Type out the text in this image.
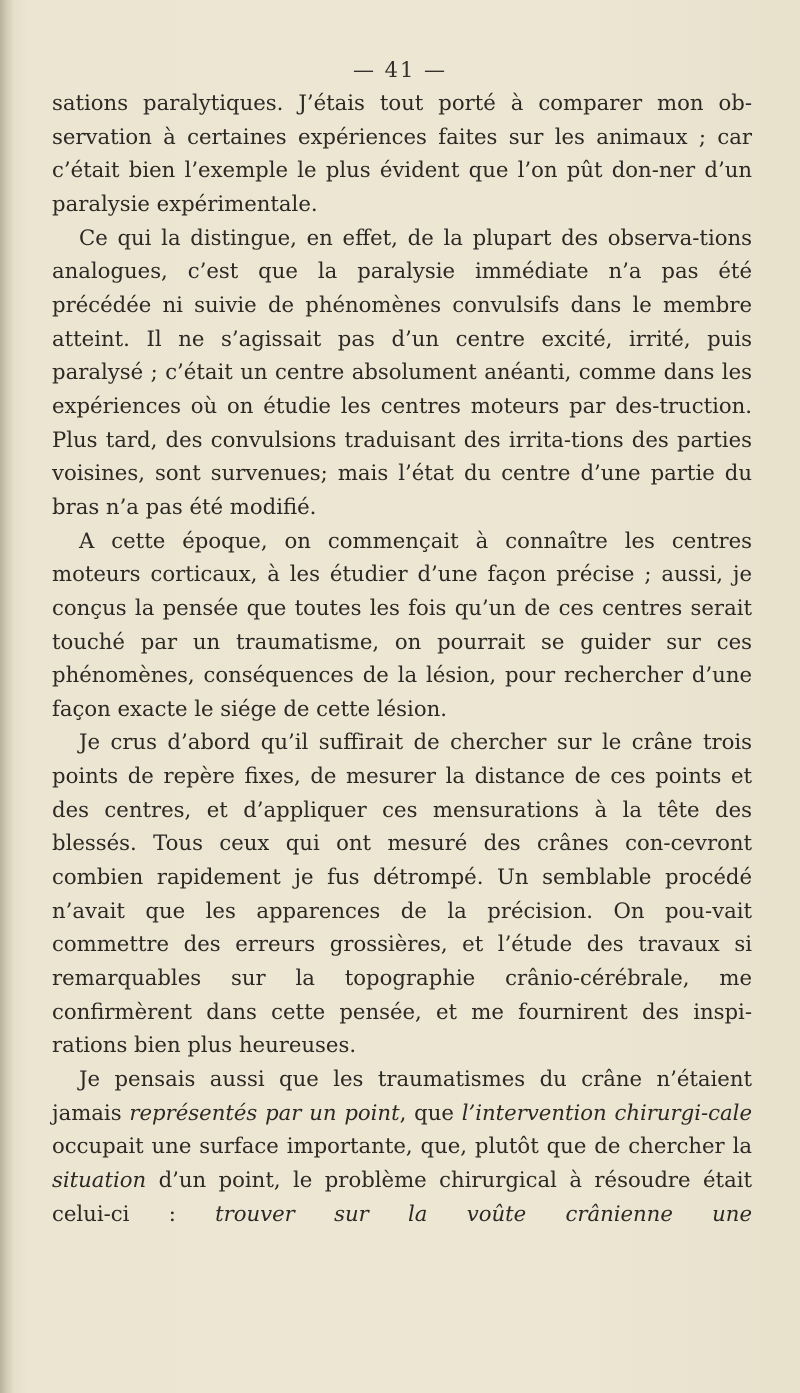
— 41 —

sations paralytiques. J’étais tout porté à comparer mon ob-servation à certaines expériences faites sur les animaux ; car c’était bien l’exemple le plus évident que l’on pût don-ner d’un paralysie expérimentale.

Ce qui la distingue, en effet, de la plupart des observa-tions analogues, c’est que la paralysie immédiate n’a pas été précédée ni suivie de phénomènes convulsifs dans le membre atteint. Il ne s’agissait pas d’un centre excité, irrité, puis paralysé ; c’était un centre absolument anéanti, comme dans les expériences où on étudie les centres moteurs par des-truction. Plus tard, des convulsions traduisant des irrita-tions des parties voisines, sont survenues; mais l’état du centre d’une partie du bras n’a pas été modifié.

A cette époque, on commençait à connaître les centres moteurs corticaux, à les étudier d’une façon précise ; aussi, je conçus la pensée que toutes les fois qu’un de ces centres serait touché par un traumatisme, on pourrait se guider sur ces phénomènes, conséquences de la lésion, pour rechercher d’une façon exacte le siége de cette lésion.

Je crus d’abord qu’il suffirait de chercher sur le crâne trois points de repère fixes, de mesurer la distance de ces points et des centres, et d’appliquer ces mensurations à la tête des blessés. Tous ceux qui ont mesuré des crânes con-cevront combien rapidement je fus détrompé. Un semblable procédé n’avait que les apparences de la précision. On pou-vait commettre des erreurs grossières, et l’étude des travaux si remarquables sur la topographie crânio-cérébrale, me confirmèrent dans cette pensée, et me fournirent des inspi-rations bien plus heureuses.

Je pensais aussi que les traumatismes du crâne n’étaient jamais représentés par un point, que l’intervention chirurgi-cale occupait une surface importante, que, plutôt que de chercher la situation d’un point, le problème chirurgical à résoudre était celui-ci : trouver sur la voûte crânienne une
